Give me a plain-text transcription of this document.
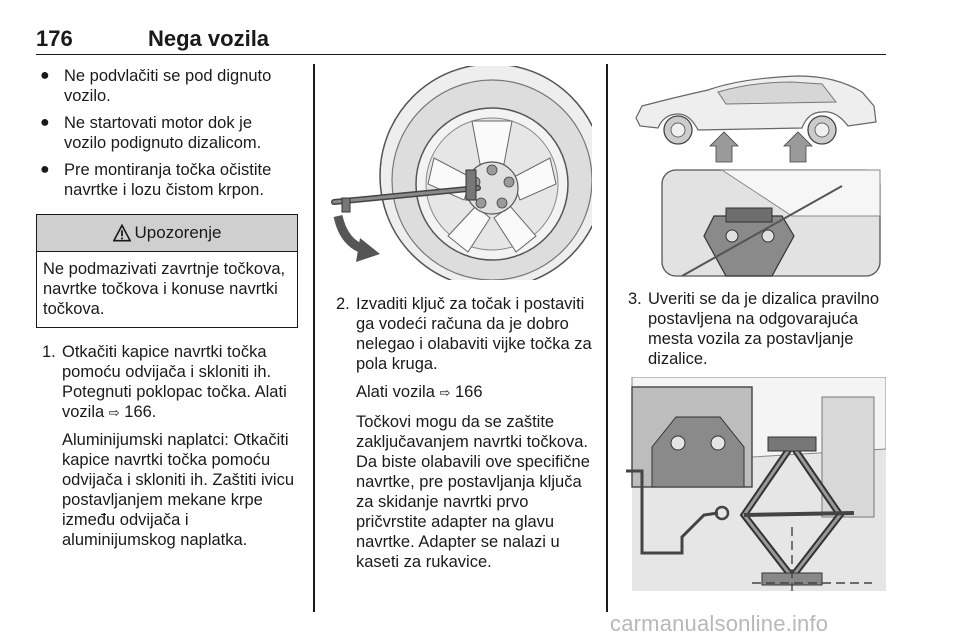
176	Nega vozila
● Ne podvlačiti se pod dignuto vozilo.
● Ne startovati motor dok je vozilo podignuto dizalicom.
● Pre montiranja točka očistite navrtke i lozu čistom krpon.
Upozorenje
Ne podmazivati zavrtnje točkova, navrtke točkova i konuse navrtki točkova.
1. Otkačiti kapice navrtki točka pomoću odvijača i skloniti ih. Potegnuti poklopac točka. Alati vozila ⇨ 166.

Aluminijumski naplatci: Otkačiti kapice navrtki točka pomoću odvijača i skloniti ih. Zaštiti ivicu postavljanjem mekane krpe između odvijača i aluminijumskog naplatka.

2. Izvaditi ključ za točak i postaviti ga vodeći računa da je dobro nelegao i olabaviti vijke točka za pola kruga.

Alati vozila ⇨ 166

Točkovi mogu da se zaštite zaključavanjem navrtki točkova. Da biste olabavili ove specifične navrtke, pre postavljanja ključa za skidanje navrtki prvo pričvrstite adapter na glavu navrtke. Adapter se nalazi u kaseti za rukavice.

3. Uveriti se da je dizalica pravilno postavljena na odgovarajuća mesta vozila za postavljanje dizalice.

carmanualsonline.info
